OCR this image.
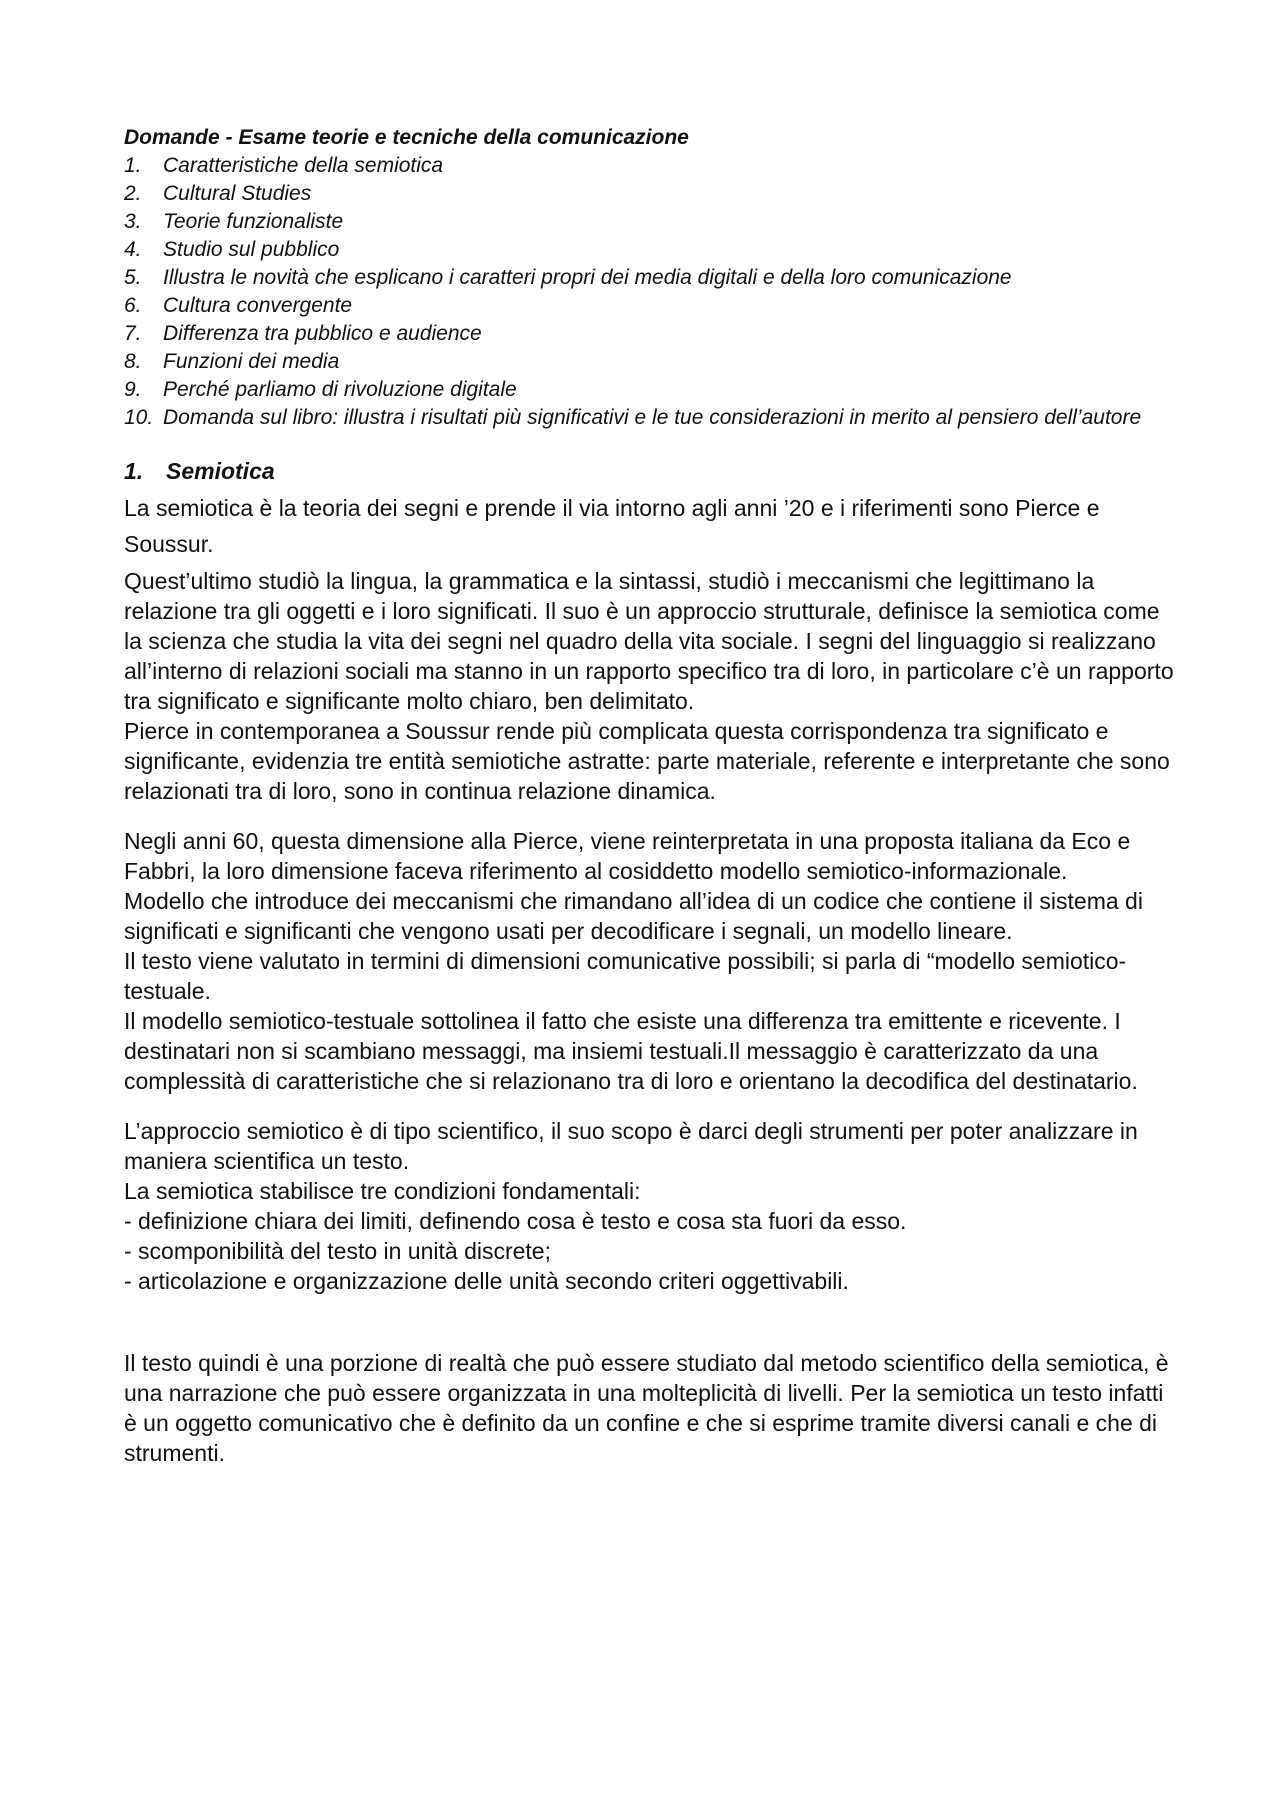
Domande - Esame teorie e tecniche della comunicazione

1.	Caratteristiche della semiotica
2.	Cultural Studies
3.	Teorie funzionaliste
4.	Studio sul pubblico
5.	Illustra le novità che esplicano i caratteri propri dei media digitali e della loro comunicazione
6.	Cultura convergente
7.	Differenza tra pubblico e audience
8.	Funzioni dei media
9.	Perché parliamo di rivoluzione digitale
10. Domanda sul libro: illustra i risultati più significativi e le tue considerazioni in merito al pensiero dell’autore
1. Semiotica

La semiotica è la teoria dei segni e prende il via intorno agli anni ’20 e i riferimenti sono Pierce e Soussur.

Quest’ultimo studiò la lingua, la grammatica e la sintassi, studiò i meccanismi che legittimano la relazione tra gli oggetti e i loro significati. Il suo è un approccio strutturale, definisce la semiotica come la scienza che studia la vita dei segni nel quadro della vita sociale. I segni del linguaggio si realizzano all’interno di relazioni sociali ma stanno in un rapporto specifico tra di loro, in particolare c’è un rapporto tra significato e significante molto chiaro, ben delimitato.

Pierce in contemporanea a Soussur rende più complicata questa corrispondenza tra significato e significante, evidenzia tre entità semiotiche astratte: parte materiale, referente e interpretante che sono relazionati tra di loro, sono in continua relazione dinamica.

Negli anni 60, questa dimensione alla Pierce, viene reinterpretata in una proposta italiana da Eco e Fabbri, la loro dimensione faceva riferimento al cosiddetto modello semiotico-informazionale.

Modello che introduce dei meccanismi che rimandano all’idea di un codice che contiene il sistema di significati e significanti che vengono usati per decodificare i segnali, un modello lineare.

Il testo viene valutato in termini di dimensioni comunicative possibili; si parla di “modello semiotico-testuale.

Il modello semiotico-testuale sottolinea il fatto che esiste una differenza tra emittente e ricevente. I destinatari non si scambiano messaggi, ma insiemi testuali.Il messaggio è caratterizzato da una complessità di caratteristiche che si relazionano tra di loro e orientano la decodifica del destinatario.

L’approccio semiotico è di tipo scientifico, il suo scopo è darci degli strumenti per poter analizzare in maniera scientifica un testo.

La semiotica stabilisce tre condizioni fondamentali:

- definizione chiara dei limiti, definendo cosa è testo e cosa sta fuori da esso.

- scomponibilità del testo in unità discrete;

- articolazione e organizzazione delle unità secondo criteri oggettivabili.

Il testo quindi è una porzione di realtà che può essere studiato dal metodo scientifico della semiotica, è una narrazione che può essere organizzata in una molteplicità di livelli. Per la semiotica un testo infatti è un oggetto comunicativo che è definito da un confine e che si esprime tramite diversi canali e che di strumenti.
